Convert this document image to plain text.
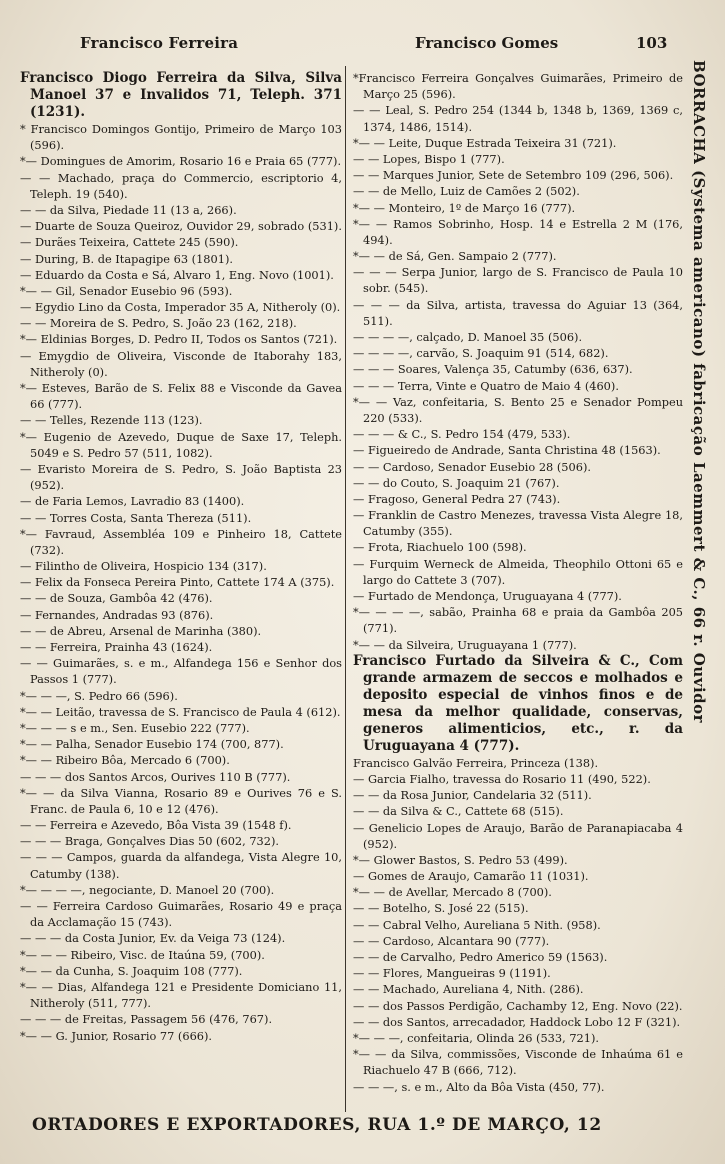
Francisco Ferreira	Francisco Gomes	103

Francisco Diogo Ferreira da Silva, Silva Manoel 37 e Invalidos 71, Teleph. 371 (1231).

* Francisco Domingos Gontijo, Primeiro de Março 103 (596).

*— Domingues de Amorim, Rosario 16 e Praia 65 (777).

— — Machado, praça do Commercio, escriptorio 4, Teleph. 19 (540).

— — da Silva, Piedade 11 (13 a, 266).

— Duarte de Souza Queiroz, Ouvidor 29, sobrado (531).

— Durães Teixeira, Cattete 245 (590).

— During, B. de Itapagipe 63 (1801).

— Eduardo da Costa e Sá, Alvaro 1, Eng. Novo (1001).

*— — Gil, Senador Eusebio 96 (593).

— Egydio Lino da Costa, Imperador 35 A, Nitheroly (0).

— — Moreira de S. Pedro, S. João 23 (162, 218).

*— Eldinias Borges, D. Pedro II, Todos os Santos (721).

— Emygdio de Oliveira, Visconde de Itaborahy 183, Nitheroly (0).

*— Esteves, Barão de S. Felix 88 e Visconde da Gavea 66 (777).

— — Telles, Rezende 113 (123).

*— Eugenio de Azevedo, Duque de Saxe 17, Teleph. 5049 e S. Pedro 57 (511, 1082).

— Evaristo Moreira de S. Pedro, S. João Baptista 23 (952).

— de Faria Lemos, Lavradio 83 (1400).

— — Torres Costa, Santa Thereza (511).

*— Favraud, Assembléa 109 e Pinheiro 18, Cattete (732).

— Filintho de Oliveira, Hospicio 134 (317).

— Felix da Fonseca Pereira Pinto, Cattete 174 A (375).

— — de Souza, Gambôa 42 (476).

— Fernandes, Andradas 93 (876).

— — de Abreu, Arsenal de Marinha (380).

— — Ferreira, Prainha 43 (1624).

— — Guimarães, s. e m., Alfandega 156 e Senhor dos Passos 1 (777).

*— — —, S. Pedro 66 (596).

*— — Leitão, travessa de S. Francisco de Paula 4 (612).

*— — — s e m., Sen. Eusebio 222 (777).

*— — Palha, Senador Eusebio 174 (700, 877).

*— — Ribeiro Bôa, Mercado 6 (700).

— — — dos Santos Arcos, Ourives 110 B (777).

*— — da Silva Vianna, Rosario 89 e Ourives 76 e S. Franc. de Paula 6, 10 e 12 (476).

— — Ferreira e Azevedo, Bôa Vista 39 (1548 f).

— — — Braga, Gonçalves Dias 50 (602, 732).

— — — Campos, guarda da alfandega, Vista Alegre 10, Catumby (138).

*— — — —, negociante, D. Manoel 20 (700).

— — Ferreira Cardoso Guimarães, Rosario 49 e praça da Acclamação 15 (743).

— — — da Costa Junior, Ev. da Veiga 73 (124).

*— — — Ribeiro, Visc. de Itaúna 59, (700).

*— — da Cunha, S. Joaquim 108 (777).

*— — Dias, Alfandega 121 e Presidente Domiciano 11, Nitheroly (511, 777).

— — — de Freitas, Passagem 56 (476, 767).

*— — G. Junior, Rosario 77 (666).

*Francisco Ferreira Gonçalves Guimarães, Primeiro de Março 25 (596).

— — Leal, S. Pedro 254 (1344 b, 1348 b, 1369, 1369 c, 1374, 1486, 1514).

*— — Leite, Duque Estrada Teixeira 31 (721).

— — Lopes, Bispo 1 (777).

— — Marques Junior, Sete de Setembro 109 (296, 506).

— — de Mello, Luiz de Camões 2 (502).

*— — Monteiro, 1º de Março 16 (777).

*— — Ramos Sobrinho, Hosp. 14 e Estrella 2 M (176, 494).

*— — de Sá, Gen. Sampaio 2 (777).

— — — Serpa Junior, largo de S. Francisco de Paula 10 sobr. (545).

— — — da Silva, artista, travessa do Aguiar 13 (364, 511).

— — — —, calçado, D. Manoel 35 (506).

— — — —, carvão, S. Joaquim 91 (514, 682).

— — — Soares, Valença 35, Catumby (636, 637).

— — — Terra, Vinte e Quatro de Maio 4 (460).

*— — Vaz, confeitaria, S. Bento 25 e Senador Pompeu 220 (533).

— — — & C., S. Pedro 154 (479, 533).

— Figueiredo de Andrade, Santa Christina 48 (1563).

— — Cardoso, Senador Eusebio 28 (506).

— — do Couto, S. Joaquim 21 (767).

— Fragoso, General Pedra 27 (743).

— Franklin de Castro Menezes, travessa Vista Alegre 18, Catumby (355).

— Frota, Riachuelo 100 (598).

— Furquim Werneck de Almeida, Theophilo Ottoni 65 e largo do Cattete 3 (707).

— Furtado de Mendonça, Uruguayana 4 (777).

*— — — —, sabão, Prainha 68 e praia da Gambôa 205 (771).

*— — da Silveira, Uruguayana 1 (777).

Francisco Furtado da Silveira & C., Com grande armazem de seccos e molhados e deposito especial de vinhos finos e de mesa da melhor qualidade, conservas, generos alimenticios, etc., r. da Uruguayana 4 (777).

Francisco Galvão Ferreira, Princeza (138).

— Garcia Fialho, travessa do Rosario 11 (490, 522).

— — da Rosa Junior, Candelaria 32 (511).

— — da Silva & C., Cattete 68 (515).

— Genelicio Lopes de Araujo, Barão de Paranapiacaba 4 (952).

*— Glower Bastos, S. Pedro 53 (499).

— Gomes de Araujo, Camarão 11 (1031).

*— — de Avellar, Mercado 8 (700).

— — Botelho, S. José 22 (515).

— — Cabral Velho, Aureliana 5 Nith. (958).

— — Cardoso, Alcantara 90 (777).

— — de Carvalho, Pedro Americo 59 (1563).

— — Flores, Mangueiras 9 (1191).

— — Machado, Aureliana 4, Nith. (286).

— — dos Passos Perdigão, Cachamby 12, Eng. Novo (22).

— — dos Santos, arrecadador, Haddock Lobo 12 F (321).

*— — —, confeitaria, Olinda 26 (533, 721).

*— — da Silva, commissões, Visconde de Inhaúma 61 e Riachuelo 47 B (666, 712).

— — —, s. e m., Alto da Bôa Vista (450, 77).

BORRACHA (Systema americano) fabricação Laemmert & C., 66 r. Ouvidor
ORTADORES E EXPORTADORES, RUA 1.º DE MARÇO, 12
